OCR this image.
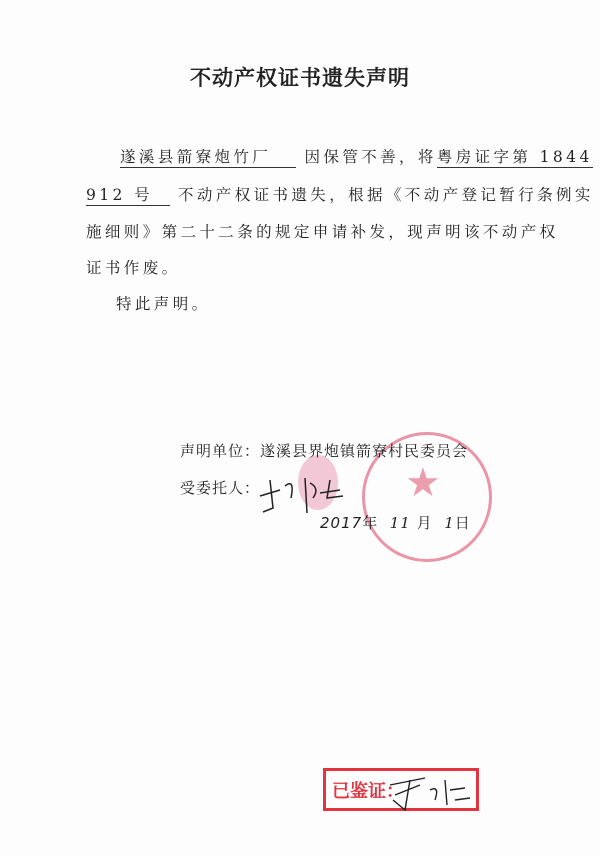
不动产权证书遗失声明
遂溪县箭寮炮竹厂 因保管不善，将粤房证字第 1844
912 号 不动产权证书遗失，根据《不动产登记暂行条例实
施细则》第二十二条的规定申请补发，现声明该不动产权
证书作废。
特此声明。
★
声明单位：遂溪县界炮镇箭寮村民委员会
受委托人：
2017年 11 月 1日
已鉴证：
